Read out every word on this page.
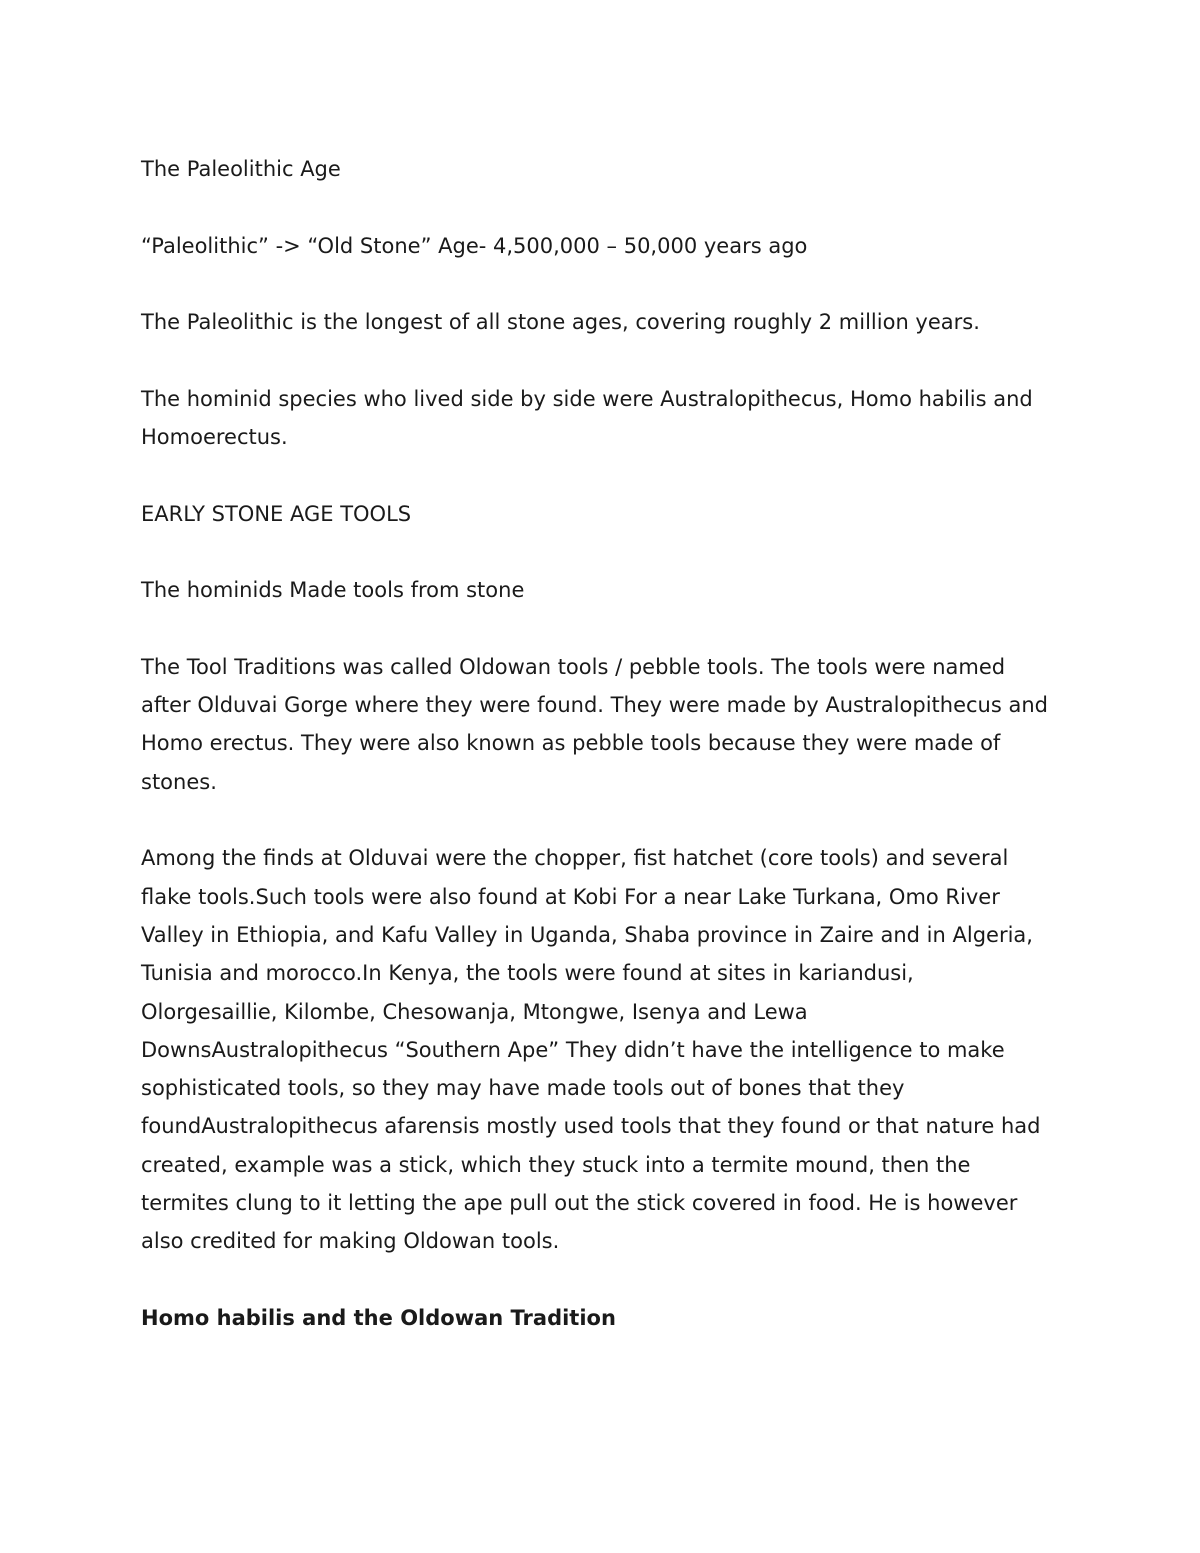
The Paleolithic Age

“Paleolithic” -> “Old Stone” Age- 4,500,000 – 50,000 years ago

The Paleolithic is the longest of all stone ages, covering roughly 2 million years.

The hominid species who lived side by side were Australopithecus, Homo habilis and Homoerectus.

EARLY STONE AGE TOOLS

The hominids Made tools from stone

The Tool Traditions was called Oldowan tools / pebble tools. The tools were named after Olduvai Gorge where they were found. They were made by Australopithecus and Homo erectus. They were also known as pebble tools because they were made of stones.

Among the finds at Olduvai were the chopper, fist hatchet (core tools) and several flake tools.Such tools were also found at Kobi For a near Lake Turkana, Omo River Valley in Ethiopia, and Kafu Valley in Uganda, Shaba province in Zaire and in Algeria, Tunisia and morocco.In Kenya, the tools were found at sites in kariandusi, Olorgesaillie, Kilombe, Chesowanja, Mtongwe, Isenya and Lewa DownsAustralopithecus “Southern Ape” They didn’t have the intelligence to make sophisticated tools, so they may have made tools out of bones that they foundAustralopithecus afarensis mostly used tools that they found or that nature had created, example was a stick, which they stuck into a termite mound, then the termites clung to it letting the ape pull out the stick covered in food. He is however also credited for making Oldowan tools.

Homo habilis and the Oldowan Tradition
